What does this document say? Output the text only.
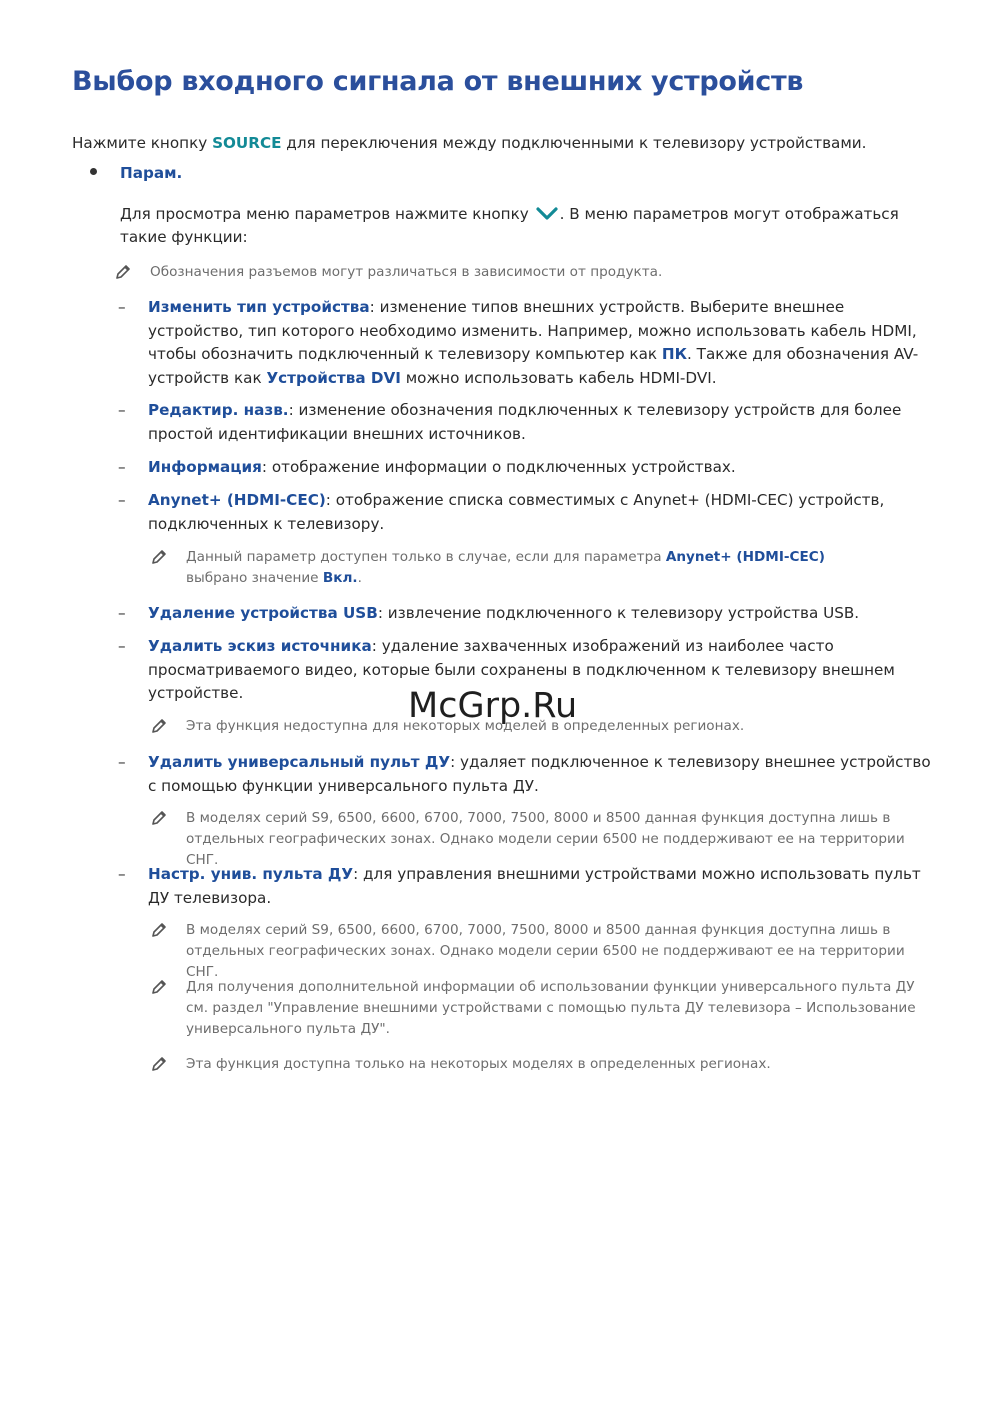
Выбор входного сигнала от внешних устройств
Нажмите кнопку SOURCE для переключения между подключенными к телевизору устройствами.
Парам.
Для просмотра меню параметров нажмите кнопку . В меню параметров могут отображаться такие функции:
Обозначения разъемов могут различаться в зависимости от продукта.
– Изменить тип устройства: изменение типов внешних устройств. Выберите внешнее устройство, тип которого необходимо изменить. Например, можно использовать кабель HDMI, чтобы обозначить подключенный к телевизору компьютер как ПК. Также для обозначения AV-устройств как Устройства DVI можно использовать кабель HDMI-DVI.
– Редактир. назв.: изменение обозначения подключенных к телевизору устройств для более простой идентификации внешних источников.
– Информация: отображение информации о подключенных устройствах.
– Anynet+ (HDMI-CEC): отображение списка совместимых с Anynet+ (HDMI-CEC) устройств, подключенных к телевизору.
Данный параметр доступен только в случае, если для параметра Anynet+ (HDMI-CEC) выбрано значение Вкл..
– Удаление устройства USB: извлечение подключенного к телевизору устройства USB.
– Удалить эскиз источника: удаление захваченных изображений из наиболее часто просматриваемого видео, которые были сохранены в подключенном к телевизору внешнем устройстве.
Эта функция недоступна для некоторых моделей в определенных регионах.
– Удалить универсальный пульт ДУ: удаляет подключенное к телевизору внешнее устройство с помощью функции универсального пульта ДУ.
В моделях серий S9, 6500, 6600, 6700, 7000, 7500, 8000 и 8500 данная функция доступна лишь в отдельных географических зонах. Однако модели серии 6500 не поддерживают ее на территории СНГ.
– Настр. унив. пульта ДУ: для управления внешними устройствами можно использовать пульт ДУ телевизора.
В моделях серий S9, 6500, 6600, 6700, 7000, 7500, 8000 и 8500 данная функция доступна лишь в отдельных географических зонах. Однако модели серии 6500 не поддерживают ее на территории СНГ.
Для получения дополнительной информации об использовании функции универсального пульта ДУ см. раздел "Управление внешними устройствами с помощью пульта ДУ телевизора – Использование универсального пульта ДУ".
Эта функция доступна только на некоторых моделях в определенных регионах.
McGrp.Ru
